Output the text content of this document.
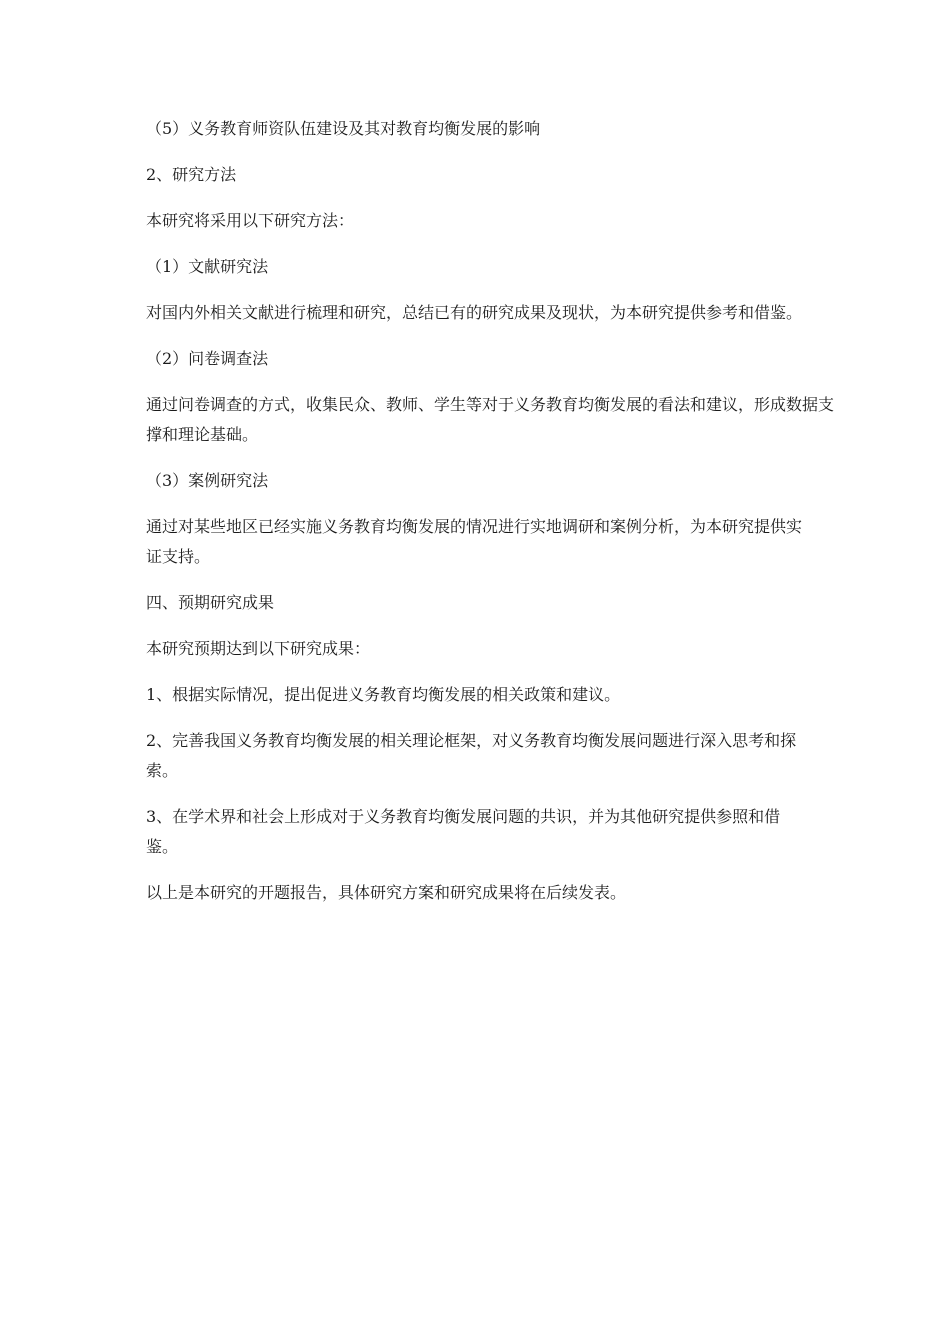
（5）义务教育师资队伍建设及其对教育均衡发展的影响

2、研究方法

本研究将采用以下研究方法：

（1）文献研究法

对国内外相关文献进行梳理和研究，总结已有的研究成果及现状，为本研究提供参考和借鉴。

（2）问卷调查法

通过问卷调查的方式，收集民众、教师、学生等对于义务教育均衡发展的看法和建议，形成数据支撑和理论基础。

（3）案例研究法

通过对某些地区已经实施义务教育均衡发展的情况进行实地调研和案例分析，为本研究提供实证支持。

四、预期研究成果

本研究预期达到以下研究成果：

1、根据实际情况，提出促进义务教育均衡发展的相关政策和建议。

2、完善我国义务教育均衡发展的相关理论框架，对义务教育均衡发展问题进行深入思考和探索。

3、在学术界和社会上形成对于义务教育均衡发展问题的共识，并为其他研究提供参照和借鉴。

以上是本研究的开题报告，具体研究方案和研究成果将在后续发表。
